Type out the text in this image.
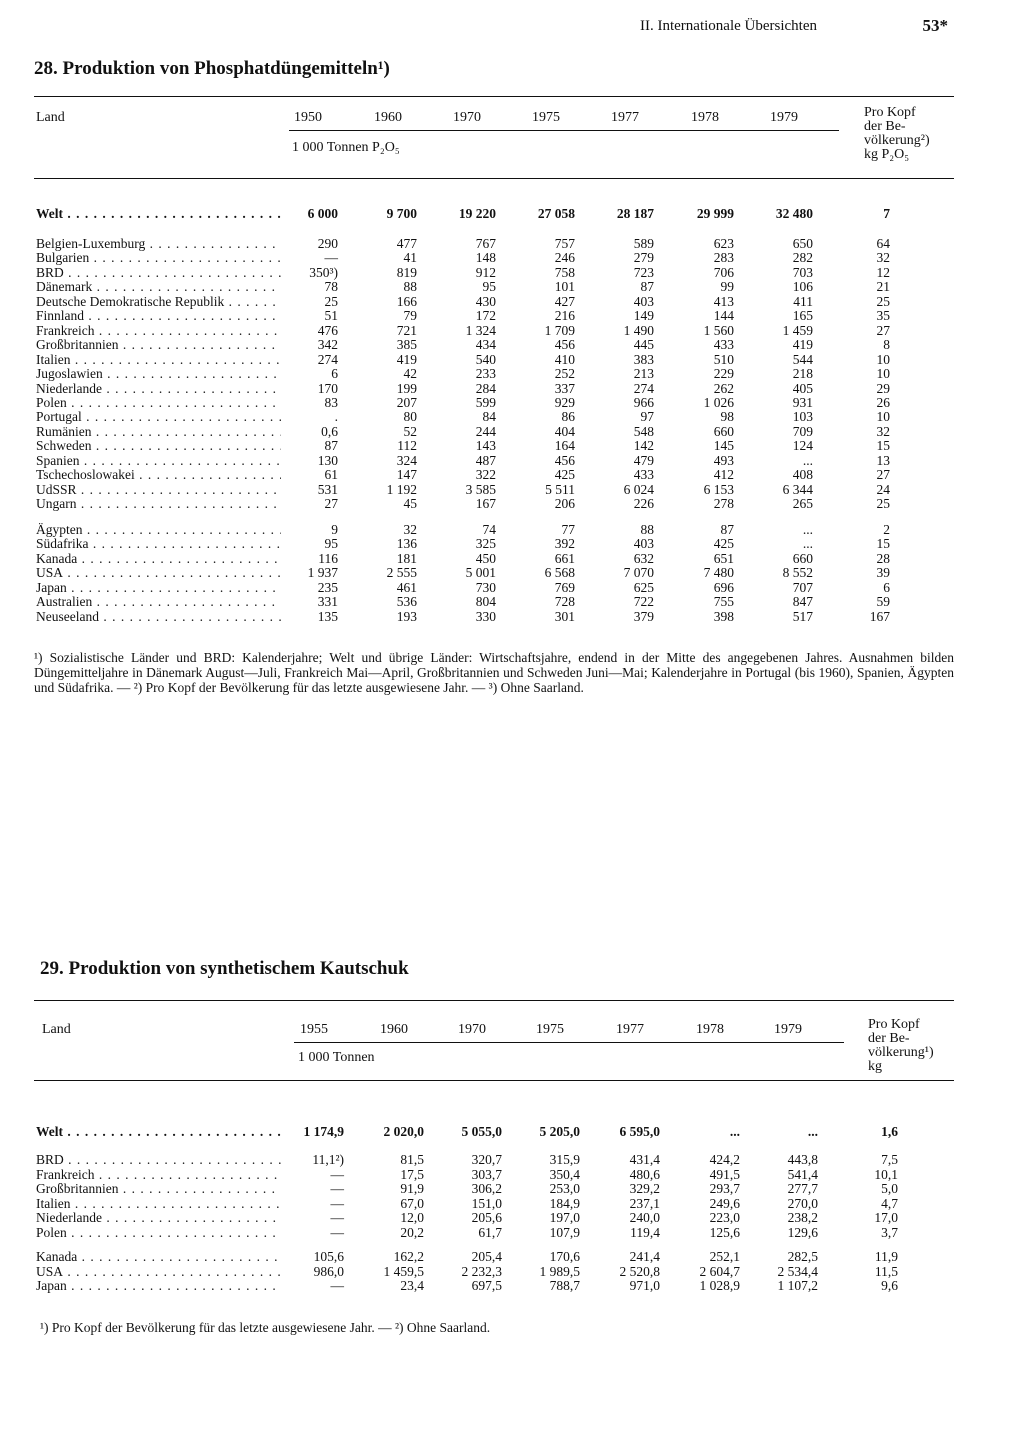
II. Internationale Übersichten	53*
28. Produktion von Phosphatdüngemitteln¹)
Land	1950	1960	1970	1975	1977	1978	1979
1 000 Tonnen P₂O₅
Pro Kopf
der Be-
völkerung²)
kg P₂O₅
Welt . . .	6 000	9 700	19 220	27 058	28 187	29 999	32 480	7
Belgien-Luxemburg . . .	290	477	767	757	589	623	650	64
Bulgarien . . .	—	41	148	246	279	283	282	32
BRD . . .	350³)	819	912	758	723	706	703	12
Dänemark . . .	78	88	95	101	87	99	106	21
Deutsche Demokratische Republik . . .	25	166	430	427	403	413	411	25
Finnland . . .	51	79	172	216	149	144	165	35
Frankreich . . .	476	721	1 324	1 709	1 490	1 560	1 459	27
Großbritannien . . .	342	385	434	456	445	433	419	8
Italien . . .	274	419	540	410	383	510	544	10
Jugoslawien . . .	6	42	233	252	213	229	218	10
Niederlande . . .	170	199	284	337	274	262	405	29
Polen . . .	83	207	599	929	966	1 026	931	26
Portugal . . .	.	80	84	86	97	98	103	10
Rumänien . . .	0,6	52	244	404	548	660	709	32
Schweden . . .	87	112	143	164	142	145	124	15
Spanien . . .	130	324	487	456	479	493	...	13
Tschechoslowakei . . .	61	147	322	425	433	412	408	27
UdSSR . . .	531	1 192	3 585	5 511	6 024	6 153	6 344	24
Ungarn . . .	27	45	167	206	226	278	265	25
Ägypten . . .	9	32	74	77	88	87	...	2
Südafrika . . .	95	136	325	392	403	425	...	15
Kanada . . .	116	181	450	661	632	651	660	28
USA . . .	1 937	2 555	5 001	6 568	7 070	7 480	8 552	39
Japan . . .	235	461	730	769	625	696	707	6
Australien . . .	331	536	804	728	722	755	847	59
Neuseeland . . .	135	193	330	301	379	398	517	167
¹) Sozialistische Länder und BRD: Kalenderjahre; Welt und übrige Länder: Wirtschaftsjahre, endend in der Mitte des angegebenen Jahres. Ausnahmen bilden Düngemitteljahre in Dänemark August—Juli, Frankreich Mai—April, Großbritannien und Schweden Juni—Mai; Kalenderjahre in Portugal (bis 1960), Spanien, Ägypten und Südafrika. — ²) Pro Kopf der Bevölkerung für das letzte ausgewiesene Jahr. — ³) Ohne Saarland.
29. Produktion von synthetischem Kautschuk
Land	1955	1960	1970	1975	1977	1978	1979
1 000 Tonnen
Pro Kopf
der Be-
völkerung¹)
kg
Welt . . .	1 174,9	2 020,0	5 055,0	5 205,0	6 595,0	...	...	1,6
BRD . . .	11,1²)	81,5	320,7	315,9	431,4	424,2	443,8	7,5
Frankreich . . .	—	17,5	303,7	350,4	480,6	491,5	541,4	10,1
Großbritannien . . .	—	91,9	306,2	253,0	329,2	293,7	277,7	5,0
Italien . . .	—	67,0	151,0	184,9	237,1	249,6	270,0	4,7
Niederlande . . .	—	12,0	205,6	197,0	240,0	223,0	238,2	17,0
Polen . . .	—	20,2	61,7	107,9	119,4	125,6	129,6	3,7
Kanada . . .	105,6	162,2	205,4	170,6	241,4	252,1	282,5	11,9
USA . . .	986,0	1 459,5	2 232,3	1 989,5	2 520,8	2 604,7	2 534,4	11,5
Japan . . .	—	23,4	697,5	788,7	971,0	1 028,9	1 107,2	9,6
¹) Pro Kopf der Bevölkerung für das letzte ausgewiesene Jahr. — ²) Ohne Saarland.
